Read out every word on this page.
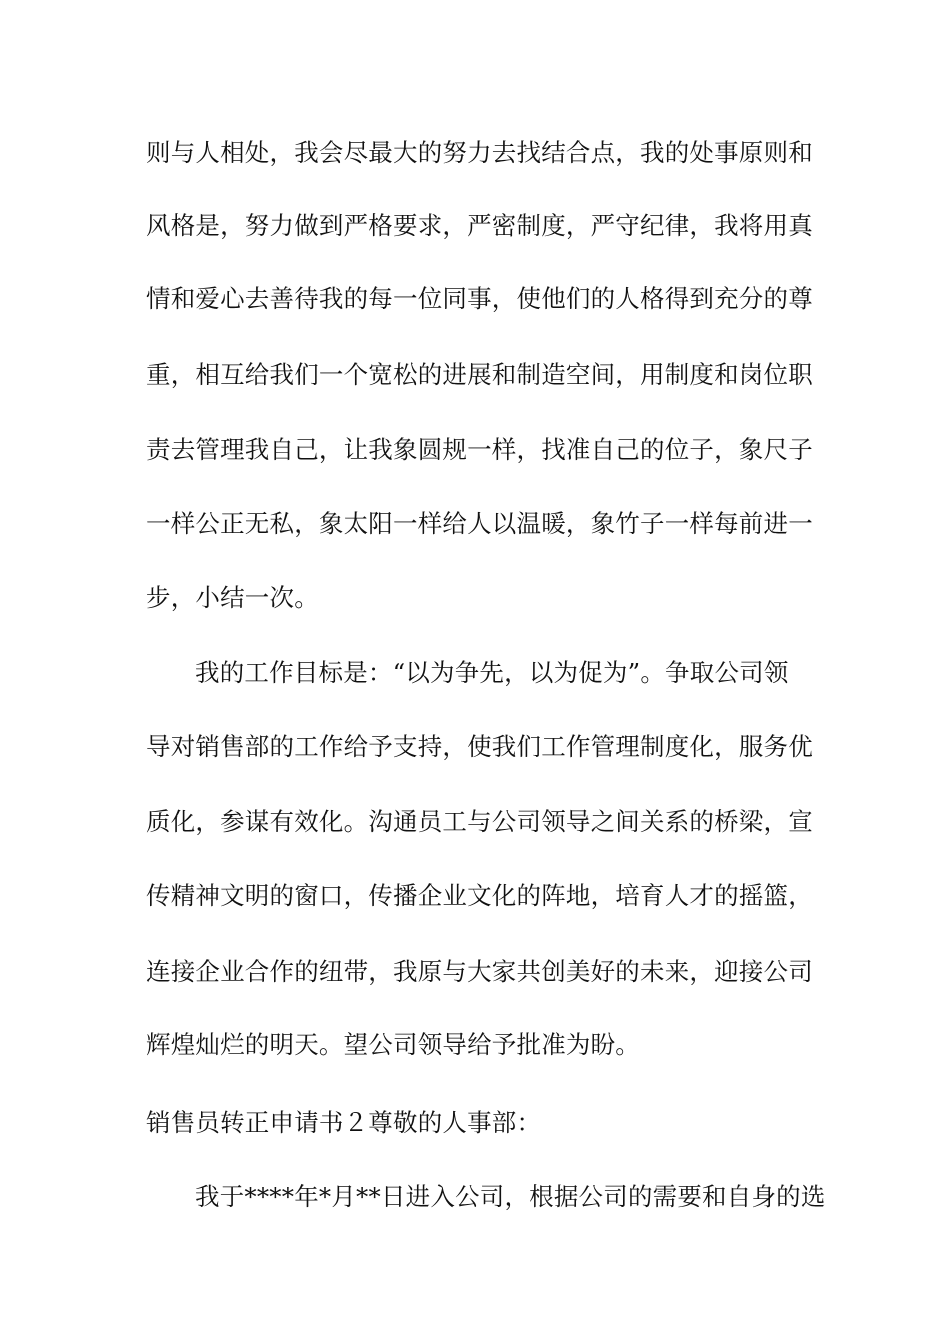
则与人相处，我会尽最大的努力去找结合点，我的处事原则和
风格是，努力做到严格要求，严密制度，严守纪律，我将用真
情和爱心去善待我的每一位同事，使他们的人格得到充分的尊
重，相互给我们一个宽松的进展和制造空间，用制度和岗位职
责去管理我自己，让我象圆规一样，找准自己的位子，象尺子
一样公正无私，象太阳一样给人以温暖，象竹子一样每前进一
步，小结一次。
我的工作目标是：“以为争先，以为促为”。争取公司领
导对销售部的工作给予支持，使我们工作管理制度化，服务优
质化，参谋有效化。沟通员工与公司领导之间关系的桥梁，宣
传精神文明的窗口，传播企业文化的阵地，培育人才的摇篮，
连接企业合作的纽带，我原与大家共创美好的未来，迎接公司
辉煌灿烂的明天。望公司领导给予批准为盼。
销售员转正申请书２尊敬的人事部：
我于****年*月**日进入公司，根据公司的需要和自身的选
